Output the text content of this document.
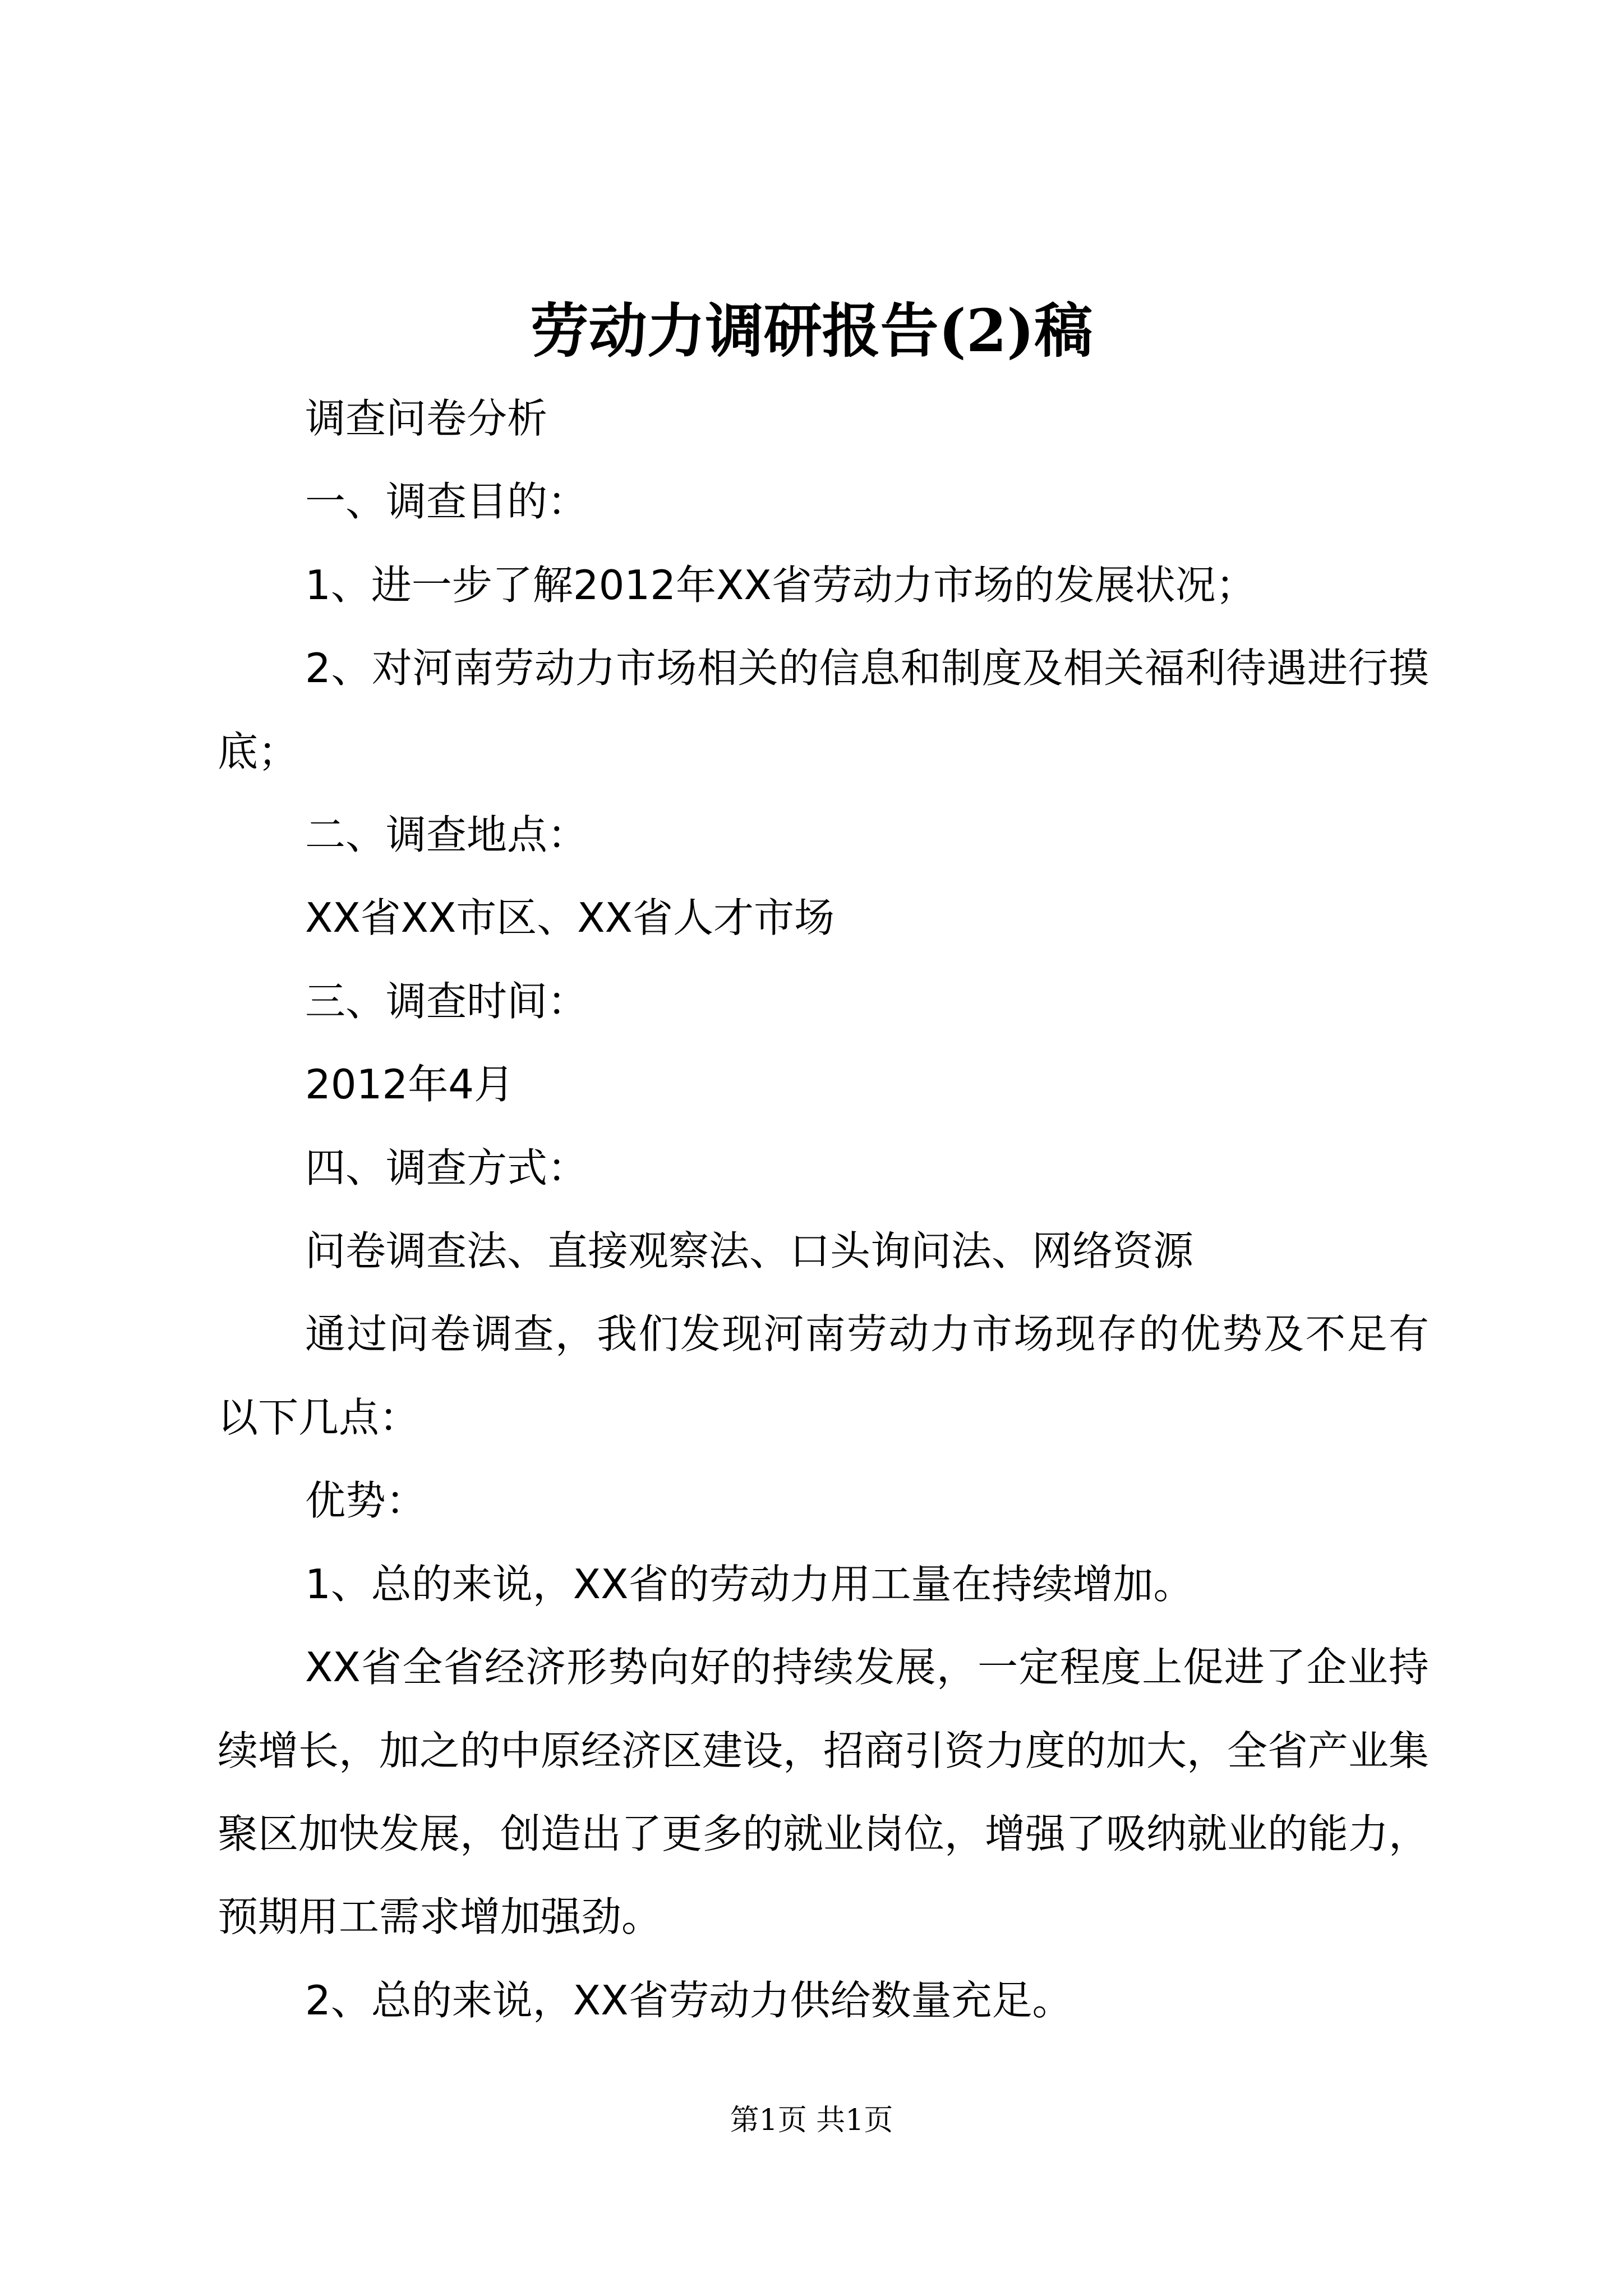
劳动力调研报告(2)稿

调查问卷分析

一、调查目的：

1、进一步了解2012年XX省劳动力市场的发展状况；

2、对河南劳动力市场相关的信息和制度及相关福利待遇进行摸底；

二、调查地点：

XX省XX市区、XX省人才市场

三、调查时间：

2012年4月

四、调查方式：

问卷调查法、直接观察法、口头询问法、网络资源

通过问卷调查，我们发现河南劳动力市场现存的优势及不足有以下几点：

优势：

1、总的来说，XX省的劳动力用工量在持续增加。

XX省全省经济形势向好的持续发展，一定程度上促进了企业持续增长，加之的中原经济区建设，招商引资力度的加大，全省产业集聚区加快发展，创造出了更多的就业岗位，增强了吸纳就业的能力，预期用工需求增加强劲。

2、总的来说，XX省劳动力供给数量充足。

第1页 共1页
